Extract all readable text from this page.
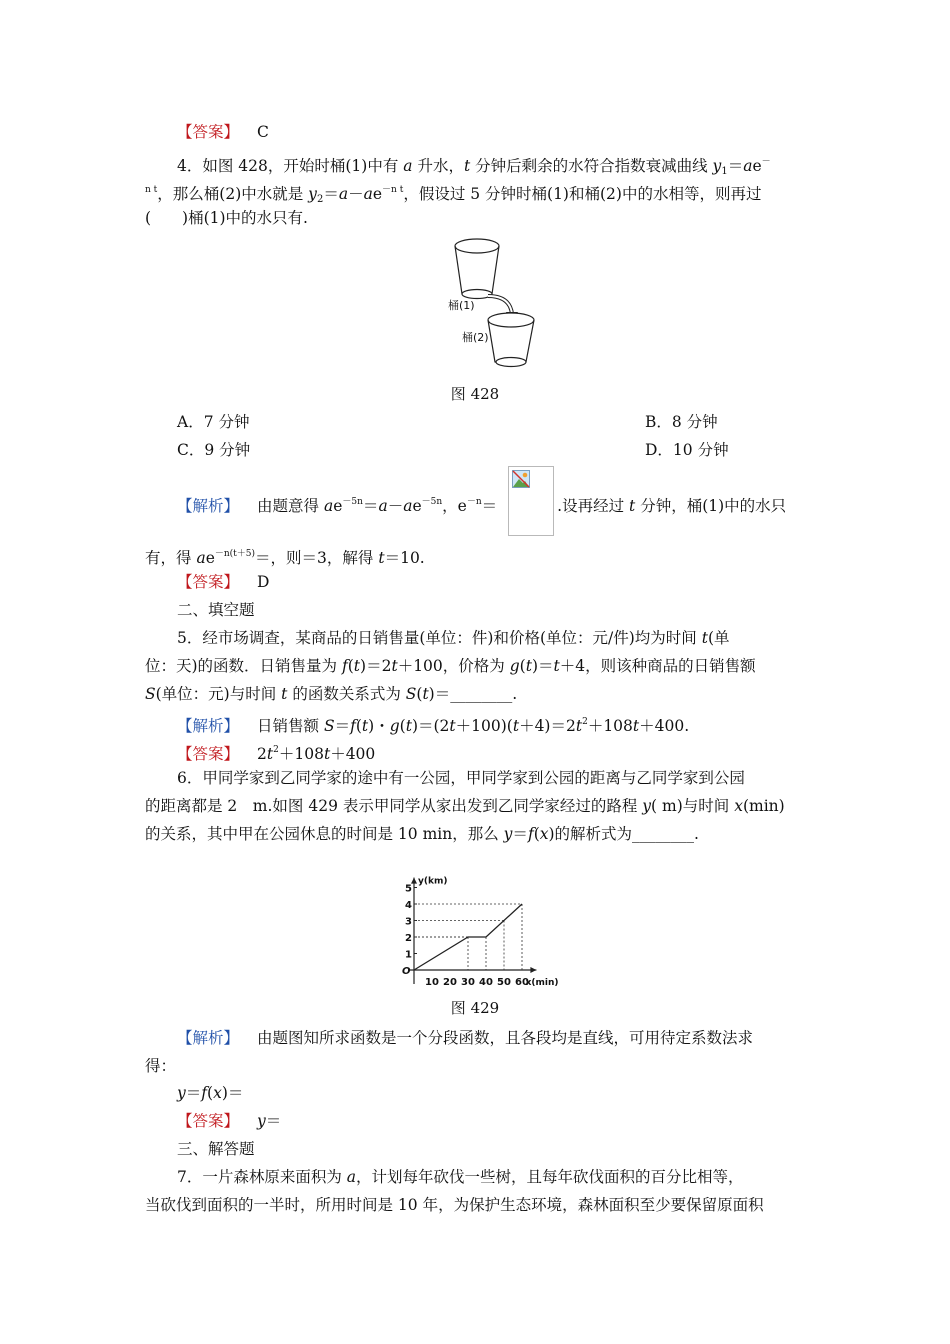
【答案】 C
4．如图 428，开始时桶(1)中有 a 升水，t 分钟后剩余的水符合指数衰减曲线 $y_1=ae^-$
$^{n t}$，那么桶(2)中水就是 $y_2=a-ae^{-n t}$，假设过 5 分钟时桶(1)和桶(2)中的水相等，则再过
(　　)桶(1)中的水只有.
桶(1)
桶(2)
图 428
A．7 分钟	B．8 分钟
C．9 分钟	D．10 分钟
【解析】 由题意得 $ae^{-5n}=a-ae^{-5n}$，$e^{-n}=$	.设再经过 t 分钟，桶(1)中的水只
有，得 $ae^{-n(t+5)}=$，则＝3，解得 t＝10.
【答案】 D
二、填空题
5．经市场调查，某商品的日销售量(单位：件)和价格(单位：元/件)均为时间 t(单
位：天)的函数．日销售量为 f(t)＝2t＋100，价格为 g(t)＝t＋4，则该种商品的日销售额
S(单位：元)与时间 t 的函数关系式为 S(t)＝________.
【解析】 日销售额 S＝f(t)・$g(t)=(2t+100)(t+4)=2t^2+108t+400$.
【答案】 $2t^2+108t+400$
6．甲同学家到乙同学家的途中有一公园，甲同学家到公园的距离与乙同学家到公园
的距离都是 2　m.如图 429 表示甲同学从家出发到乙同学家经过的路程 y( m)与时间 x(min)
的关系，其中甲在公园休息的时间是 10 min，那么 y＝f(x)的解析式为________.
y(km)
x(min)
O
1
2
3
4
5
10 20 30 40 50 60
图 429
【解析】 由题图知所求函数是一个分段函数，且各段均是直线，可用待定系数法求
得：
y＝f(x)＝
【答案】 y＝
三、解答题
7．一片森林原来面积为 a，计划每年砍伐一些树，且每年砍伐面积的百分比相等，
当砍伐到面积的一半时，所用时间是 10 年，为保护生态环境，森林面积至少要保留原面积
